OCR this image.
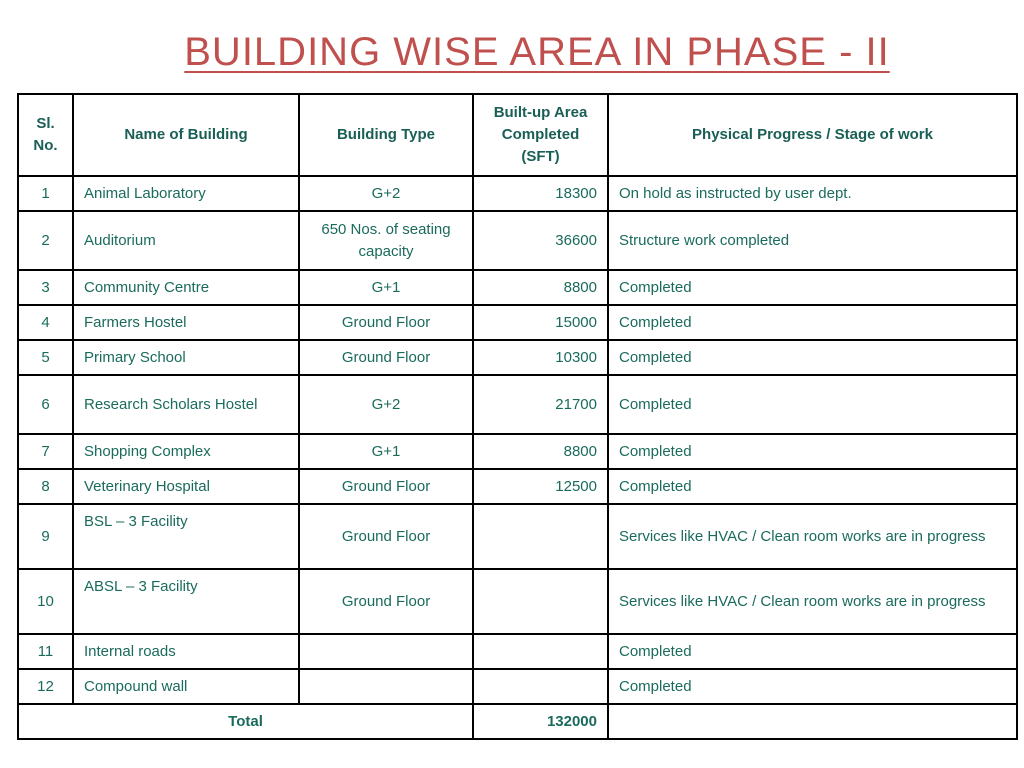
BUILDING WISE AREA IN PHASE - II
Sl. No.	Name of Building	Building Type	Built-up Area Completed (SFT)	Physical Progress / Stage of work
1	Animal Laboratory	G+2	18300	On hold as instructed by user dept.
2	Auditorium	650 Nos. of seating capacity	36600	Structure work completed
3	Community Centre	G+1	8800	Completed
4	Farmers Hostel	Ground Floor	15000	Completed
5	Primary School	Ground Floor	10300	Completed
6	Research Scholars Hostel	G+2	21700	Completed
7	Shopping Complex	G+1	8800	Completed
8	Veterinary Hospital	Ground Floor	12500	Completed
9	BSL – 3 Facility	Ground Floor		Services like HVAC / Clean room works are in progress
10	ABSL – 3 Facility	Ground Floor		Services like HVAC / Clean room works are in progress
11	Internal roads			Completed
12	Compound wall			Completed
Total			132000	
